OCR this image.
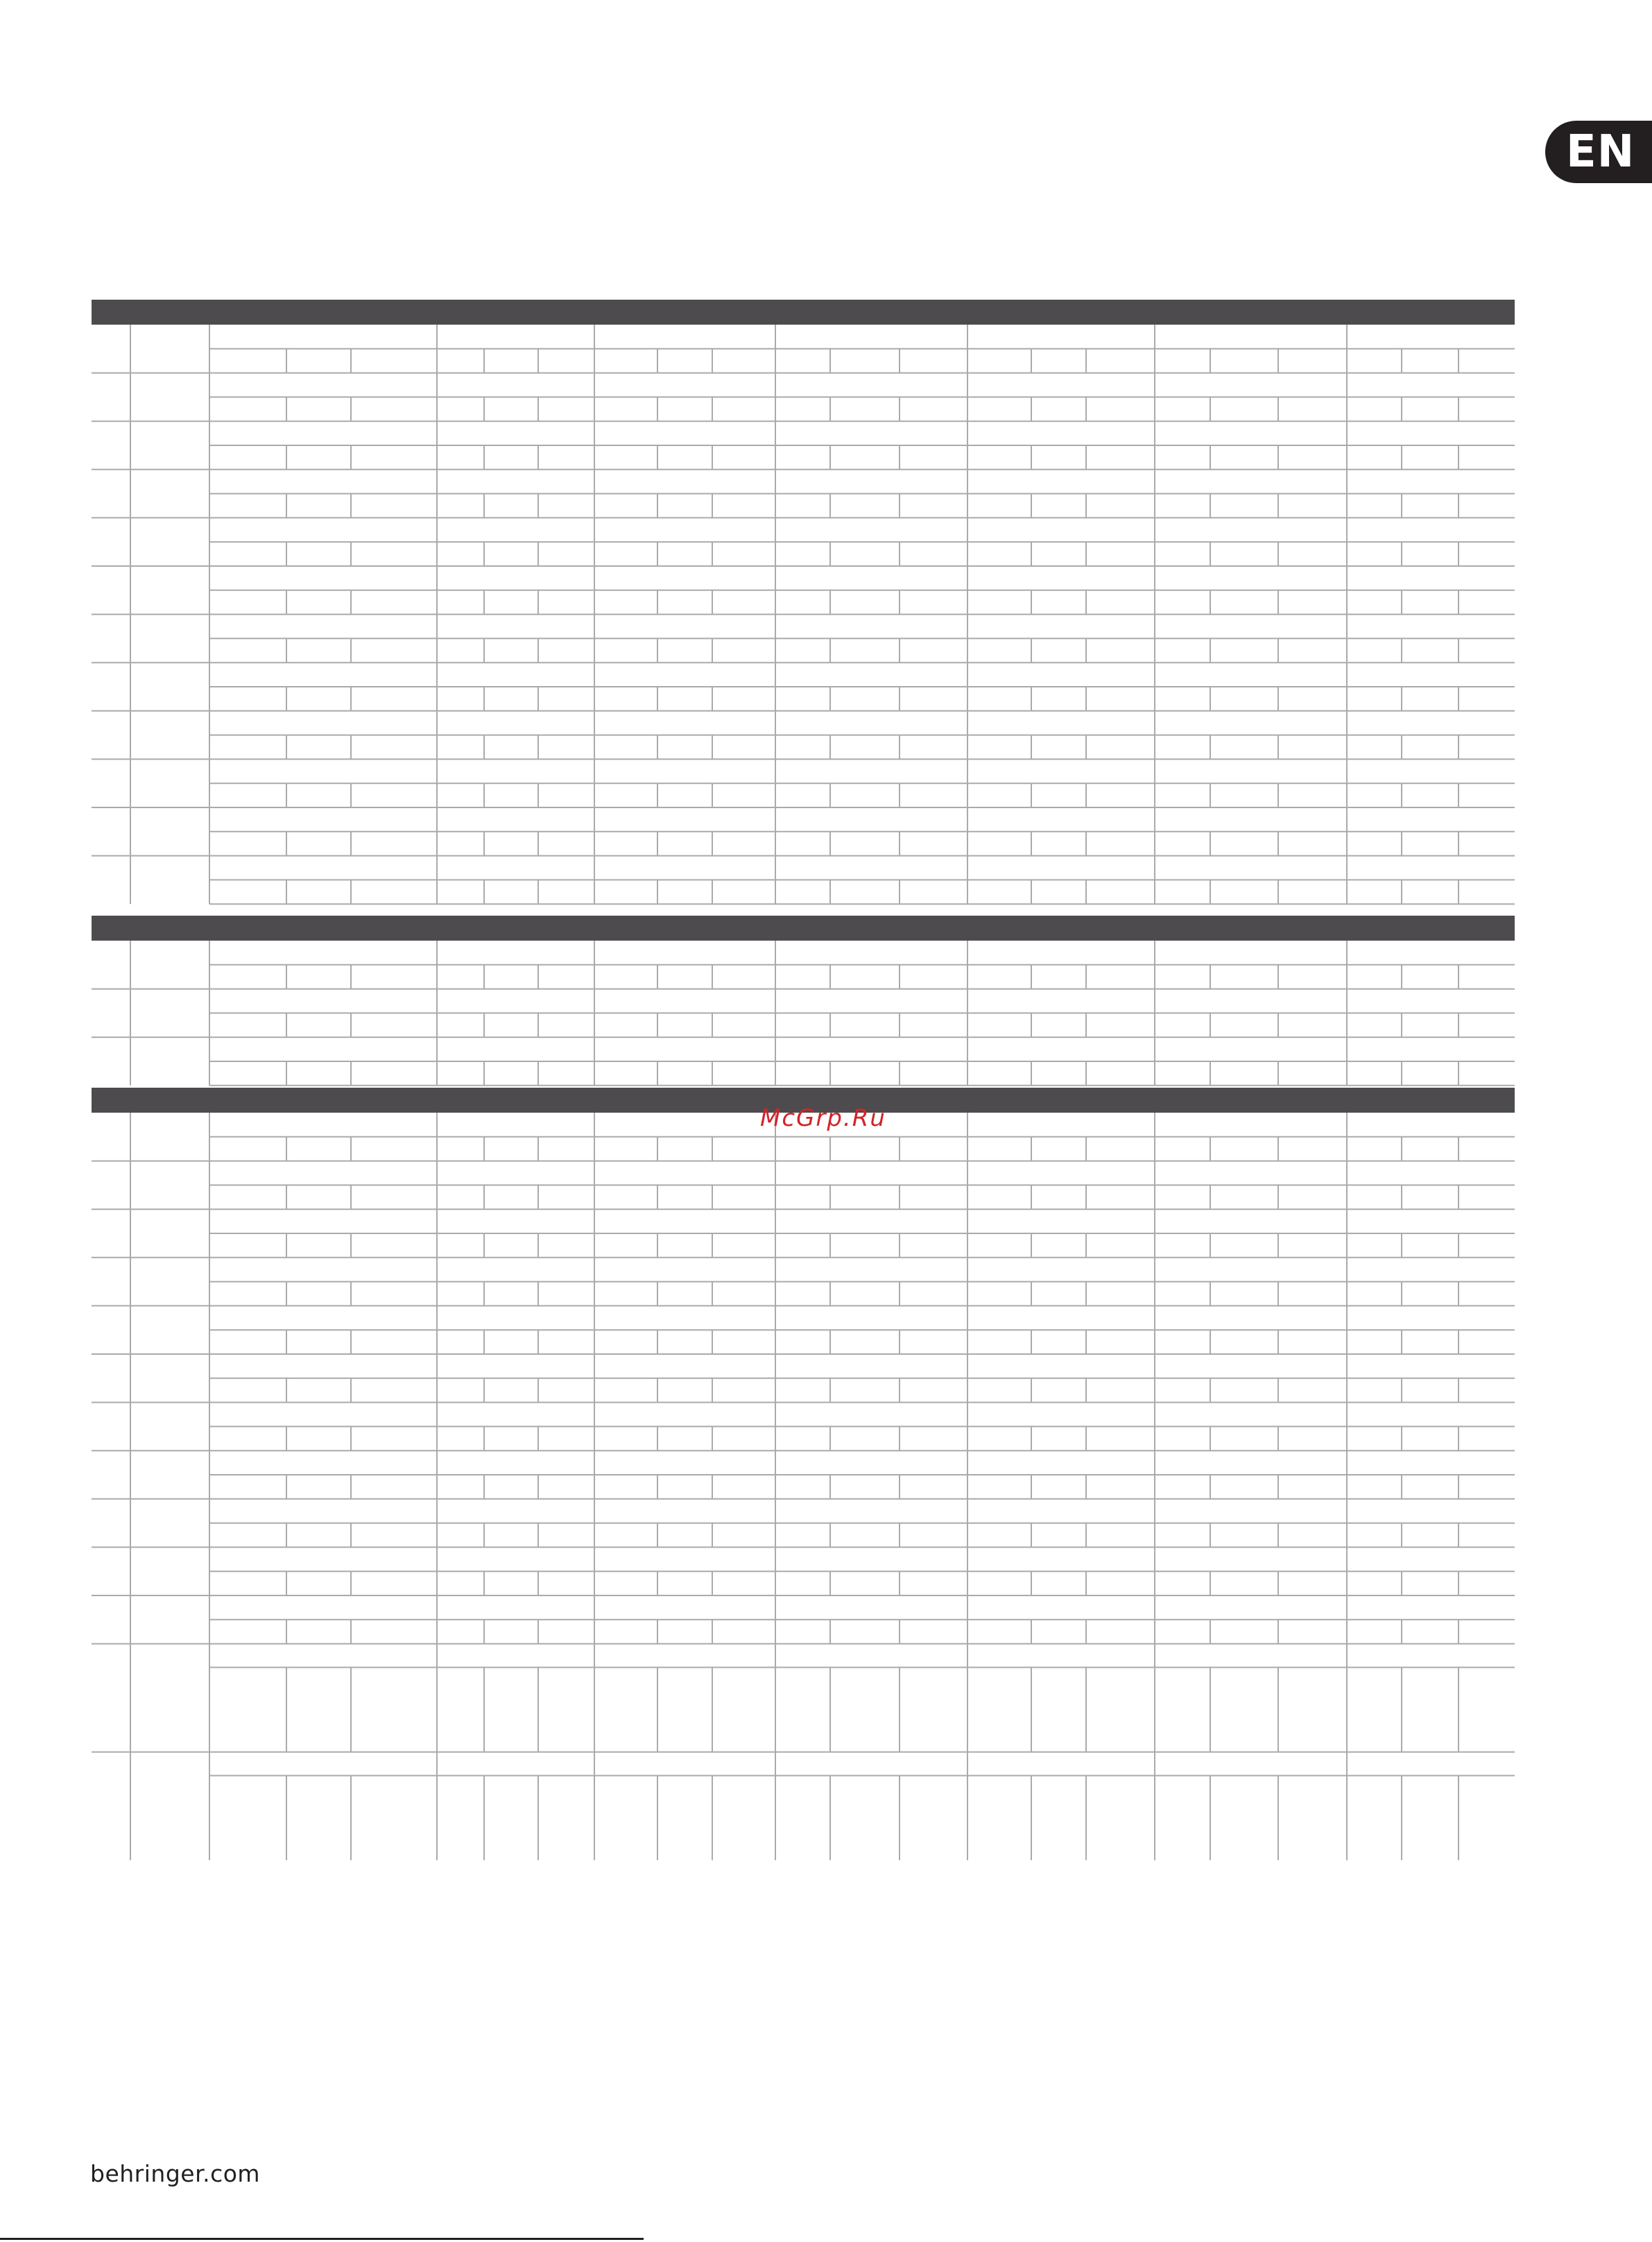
EN
McGrp.Ru
behringer.com
